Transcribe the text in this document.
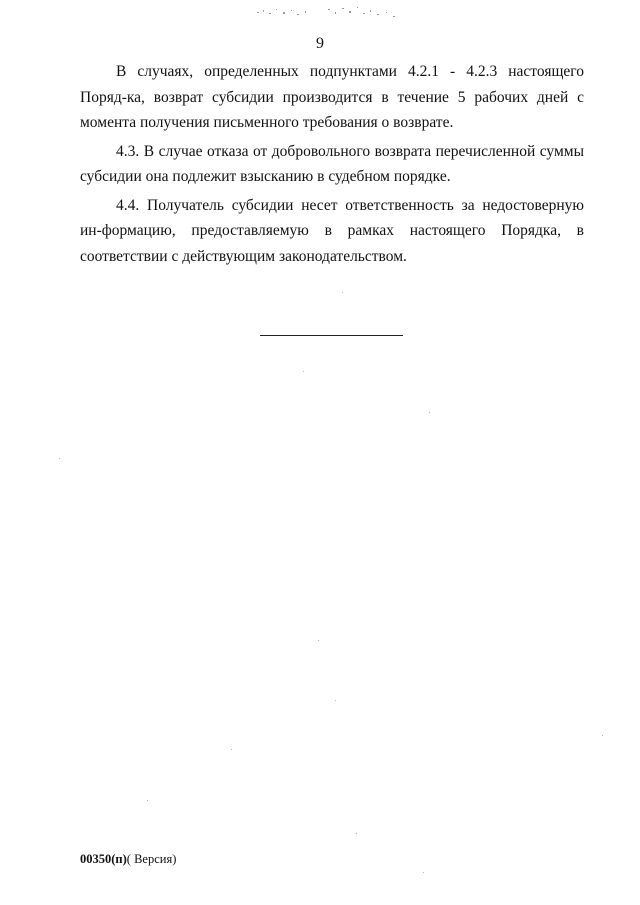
9

В случаях, определенных подпунктами 4.2.1 - 4.2.3 настоящего Поряд-ка, возврат субсидии производится в течение 5 рабочих дней с момента получения письменного требования о возврате.

4.3. В случае отказа от добровольного возврата перечисленной суммы субсидии она подлежит взысканию в судебном порядке.

4.4. Получатель субсидии несет ответственность за недостоверную ин-формацию, предоставляемую в рамках настоящего Порядка, в соответствии с действующим законодательством.

00350(п)( Версия)
